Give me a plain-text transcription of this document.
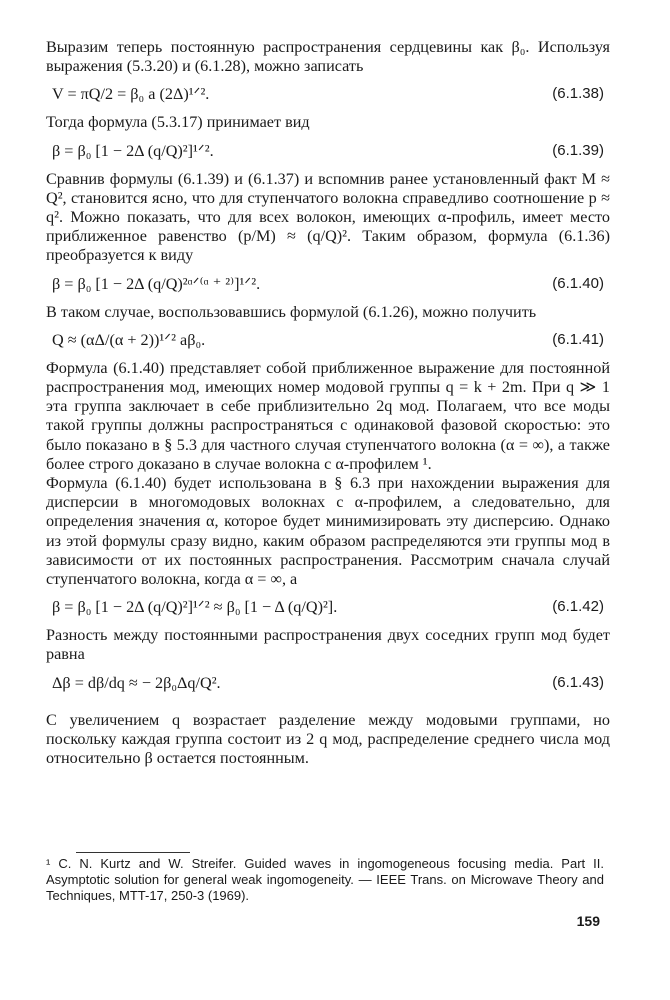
Выразим теперь постоянную распространения сердцевины как β₀. Используя выражения (5.3.20) и (6.1.28), можно записать

V = πQ/2 = β₀ a (2Δ)¹ᐟ².	(6.1.38)

Тогда формула (5.3.17) принимает вид

β = β₀ [1 − 2Δ (q/Q)²]¹ᐟ².	(6.1.39)

Сравнив формулы (6.1.39) и (6.1.37) и вспомнив ранее установленный факт M ≈ Q², становится ясно, что для ступенчатого волокна справедливо соотношение p ≈ q². Можно показать, что для всех волокон, имеющих α-профиль, имеет место приближенное равенство (p/M) ≈ (q/Q)². Таким образом, формула (6.1.36) преобразуется к виду

β = β₀ [1 − 2Δ (q/Q)²ᵅᐟ⁽ᵅ ⁺ ²⁾]¹ᐟ².	(6.1.40)

В таком случае, воспользовавшись формулой (6.1.26), можно получить

Q ≈ (αΔ/(α + 2))¹ᐟ² aβ₀.	(6.1.41)

Формула (6.1.40) представляет собой приближенное выражение для постоянной распространения мод, имеющих номер модовой группы q = k + 2m. При q ≫ 1 эта группа заключает в себе приблизительно 2q мод. Полагаем, что все моды такой группы должны распространяться с одинаковой фазовой скоростью: это было показано в § 5.3 для частного случая ступенчатого волокна (α = ∞), а также более строго доказано в случае волокна с α-профилем ¹.

Формула (6.1.40) будет использована в § 6.3 при нахождении выражения для дисперсии в многомодовых волокнах с α-профилем, а следовательно, для определения значения α, которое будет минимизировать эту дисперсию. Однако из этой формулы сразу видно, каким образом распределяются эти группы мод в зависимости от их постоянных распространения. Рассмотрим сначала случай ступенчатого волокна, когда α = ∞, а

β = β₀ [1 − 2Δ (q/Q)²]¹ᐟ² ≈ β₀ [1 − Δ (q/Q)²].	(6.1.42)

Разность между постоянными распространения двух соседних групп мод будет равна

Δβ = dβ/dq ≈ − 2β₀Δq/Q².	(6.1.43)

С увеличением q возрастает разделение между модовыми группами, но поскольку каждая группа состоит из 2 q мод, распределение среднего числа мод относительно β остается постоянным.

¹ C. N. Kurtz and W. Streifer. Guided waves in ingomogeneous focusing media. Part II. Asymptotic solution for general weak ingomogeneity. — IEEE Trans. on Microwave Theory and Techniques, MTT-17, 250-3 (1969).
159
